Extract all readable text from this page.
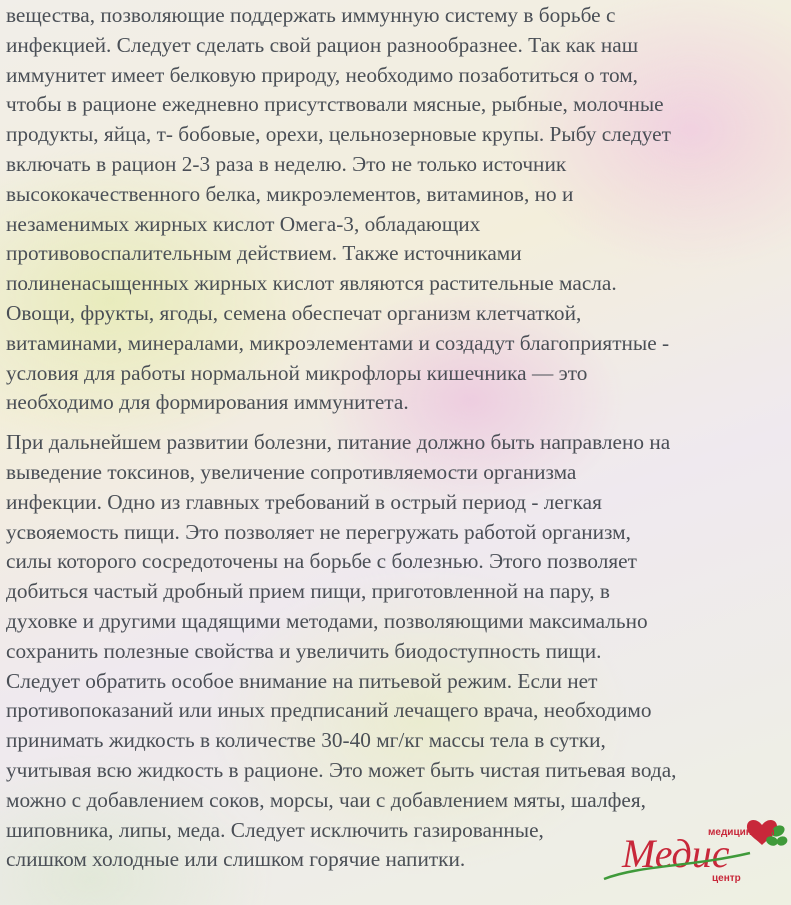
вещества, позволяющие поддержать иммунную систему в борьбе с
инфекцией. Следует сделать свой рацион разнообразнее. Так как наш
иммунитет имеет белковую природу, необходимо позаботиться о том,
чтобы в рационе ежедневно присутствовали мясные, рыбные, молочные
продукты, яйца, т- бобовые, орехи, цельнозерновые крупы. Рыбу следует
включать в рацион 2-3 раза в неделю. Это не только источник
высококачественного белка, микроэлементов, витаминов, но и
незаменимых жирных кислот Омега-3, обладающих
противовоспалительным действием. Также источниками
полиненасыщенных жирных кислот являются растительные масла.
Овощи, фрукты, ягоды, семена обеспечат организм клетчаткой,
витаминами, минералами, микроэлементами и создадут благоприятные -
условия для работы нормальной микрофлоры кишечника — это
необходимо для формирования иммунитета.

При дальнейшем развитии болезни, питание должно быть направлено на
выведение токсинов, увеличение сопротивляемости организма
инфекции. Одно из главных требований в острый период - легкая
усвояемость пищи. Это позволяет не перегружать работой организм,
силы которого сосредоточены на борьбе с болезнью. Этого позволяет
добиться частый дробный прием пищи, приготовленной на пару, в
духовке и другими щадящими методами, позволяющими максимально
сохранить полезные свойства и увеличить биодоступность пищи.

Следует обратить особое внимание на питьевой режим. Если нет
противопоказаний или иных предписаний лечащего врача, необходимо
принимать жидкость в количестве 30-40 мг/кг массы тела в сутки,
учитывая всю жидкость в рационе. Это может быть чистая питьевая вода,
можно с добавлением соков, морсы, чаи с добавлением мяты, шалфея,
шиповника, липы, меда. Следует исключить газированные,
слишком холодные или слишком горячие напитки.

медицинский
Медис
центр
